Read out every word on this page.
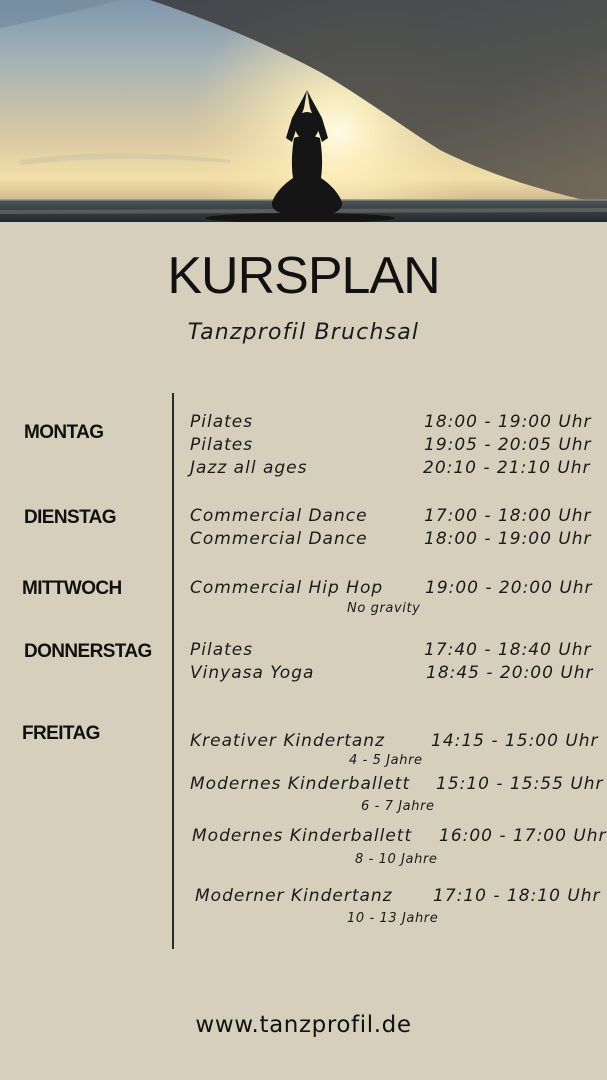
KURSPLAN
Tanzprofil Bruchsal
MONTAG	Pilates	18:00 - 19:00 Uhr
Pilates	19:05 - 20:05 Uhr
Jazz all ages	20:10 - 21:10 Uhr
DIENSTAG	Commercial Dance	17:00 - 18:00 Uhr
Commercial Dance	18:00 - 19:00 Uhr
MITTWOCH	Commercial Hip Hop 19:00 - 20:00 Uhr
No gravity
DONNERSTAG Pilates	17:40 - 18:40 Uhr
Vinyasa Yoga	18:45 - 20:00 Uhr
FREITAG	Kreativer Kindertanz	14:15 - 15:00 Uhr
4 - 5 Jahre
Modernes Kinderballett 15:10 - 15:55 Uhr
6 - 7 Jahre
Modernes Kinderballett 16:00 - 17:00 Uhr
8 - 10 Jahre
Moderner Kindertanz 17:10 - 18:10 Uhr
10 - 13 Jahre
www.tanzprofil.de
